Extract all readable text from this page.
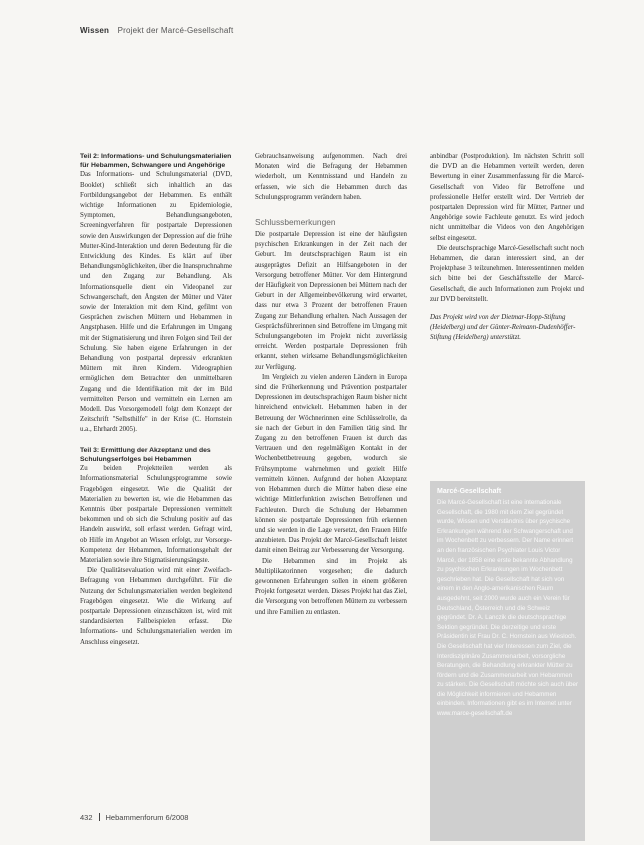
Wissen Projekt der Marcé-Gesellschaft
Teil 2: Informations- und Schulungsmaterialien für Hebammen, Schwangere und Angehörige

Das Informations- und Schulungsmaterial (DVD, Booklet) schließt sich inhaltlich an das Fortbildungsangebot der Hebammen. Es enthält wichtige Informationen zu Epidemiologie, Symptomen, Behandlungsangeboten, Screeningverfahren für postpartale Depressionen sowie den Auswirkungen der Depression auf die frühe Mutter-Kind-Interaktion und deren Bedeutung für die Entwicklung des Kindes. Es klärt auf über Behandlungsmöglichkeiten, über die Inanspruchnahme und den Zugang zur Behandlung. Als Informationsquelle dient ein Videopanel zur Schwangerschaft, den Ängsten der Mütter und Väter sowie der Interaktion mit dem Kind, gefilmt von Gesprächen zwischen Müttern und Hebammen in Angstphasen. Hilfe und die Erfahrungen im Umgang mit der Stigmatisierung und ihren Folgen sind Teil der Schulung. Sie haben eigene Erfahrungen in der Behandlung von postpartal depressiv erkrankten Müttern mit ihren Kindern. Videographien ermöglichen dem Betrachter den unmittelbaren Zugang und die Identifikation mit der im Bild vermittelten Person und vermitteln ein Lernen am Modell. Das Vorsorgemodell folgt dem Konzept der Zeitschrift "Selbsthilfe" in der Krise (C. Hornstein u.a., Ehrhardt 2005).

Teil 3: Ermittlung der Akzeptanz und des Schulungserfolges bei Hebammen

Zu beiden Projektteilen werden als Informationsmaterial Schulungsprogramme sowie Fragebögen eingesetzt. Wie die Qualität der Materialien zu bewerten ist, wie die Hebammen das Kenntnis über postpartale Depressionen vermittelt bekommen und ob sich die Schulung positiv auf das Handeln auswirkt, soll erfasst werden. Gefragt wird, ob Hilfe im Angebot an Wissen erfolgt, zur Vorsorge-Kompetenz der Hebammen, Informationsgehalt der Materialien sowie ihre Stigmatisierungsängste.

Die Qualitätsevaluation wird mit einer Zweifach-Befragung von Hebammen durchgeführt. Für die Nutzung der Schulungsmaterialien werden begleitend Fragebögen eingesetzt. Wie die Wirkung auf postpartale Depressionen einzuschätzen ist, wird mit standardisierten Fallbeispielen erfasst. Die Informations- und Schulungsmaterialien werden im Anschluss eingesetzt.

Gebrauchsanweisung aufgenommen. Nach drei Monaten wird die Befragung der Hebammen wiederholt, um Kenntnisstand und Handeln zu erfassen, wie sich die Hebammen durch das Schulungsprogramm verändern haben.

Schlussbemerkungen

Die postpartale Depression ist eine der häufigsten psychischen Erkrankungen in der Zeit nach der Geburt. Im deutschsprachigen Raum ist ein ausgeprägtes Defizit an Hilfsangeboten in der Versorgung betroffener Mütter. Vor dem Hintergrund der Häufigkeit von Depressionen bei Müttern nach der Geburt in der Allgemeinbevölkerung wird erwartet, dass nur etwa 3 Prozent der betroffenen Frauen Zugang zur Behandlung erhalten. Nach Aussagen der Gesprächsführerinnen sind Betroffene im Umgang mit Schulungsangeboten im Projekt nicht zuverlässig erreicht. Werden postpartale Depressionen früh erkannt, stehen wirksame Behandlungsmöglichkeiten zur Verfügung.

Im Vergleich zu vielen anderen Ländern in Europa sind die Früherkennung und Prävention postpartaler Depressionen im deutschsprachigen Raum bisher nicht hinreichend entwickelt. Hebammen haben in der Betreuung der Wöchnerinnen eine Schlüsselrolle, da sie nach der Geburt in den Familien tätig sind. Ihr Zugang zu den betroffenen Frauen ist durch das Vertrauen und den regelmäßigen Kontakt in der Wochenbettbetreuung gegeben, wodurch sie Frühsymptome wahrnehmen und gezielt Hilfe vermitteln können. Aufgrund der hohen Akzeptanz von Hebammen durch die Mütter haben diese eine wichtige Mittlerfunktion zwischen Betroffenen und Fachleuten. Durch die Schulung der Hebammen können sie postpartale Depressionen früh erkennen und sie werden in die Lage versetzt, den Frauen Hilfe anzubieten. Das Projekt der Marcé-Gesellschaft leistet damit einen Beitrag zur Verbesserung der Versorgung.

Die Hebammen sind im Projekt als Multiplikatorinnen vorgesehen; die dadurch gewonnenen Erfahrungen sollen in einem größeren Projekt fortgesetzt werden. Dieses Projekt hat das Ziel, die Versorgung von betroffenen Müttern zu verbessern und ihre Familien zu entlasten.

anbindbar (Postproduktion). Im nächsten Schritt soll die DVD an die Hebammen verteilt werden, deren Bewertung in einer Zusammenfassung für die Marcé-Gesellschaft von Video für Betroffene und professionelle Helfer erstellt wird. Der Vertrieb der postpartalen Depression wird für Mütter, Partner und Angehörige sowie Fachleute genutzt. Es wird jedoch nicht unmittelbar die Videos von den Angehörigen selbst eingesetzt.

Die deutschsprachige Marcé-Gesellschaft sucht noch Hebammen, die daran interessiert sind, an der Projektphase 3 teilzunehmen. Interessentinnen melden sich bitte bei der Geschäftsstelle der Marcé-Gesellschaft, die auch Informationen zum Projekt und zur DVD bereitstellt.

Das Projekt wird von der Dietmar-Hopp-Stiftung (Heidelberg) und der Günter-Reimann-Dudenhöffer-Stiftung (Heidelberg) unterstützt.

Marcé-Gesellschaft

Die Marcé-Gesellschaft ist eine internationale Gesellschaft, die 1980 mit dem Ziel gegründet wurde, Wissen und Verständnis über psychische Erkrankungen während der Schwangerschaft und im Wochenbett zu verbessern. Der Name erinnert an den französischen Psychiater Louis Victor Marcé, der 1858 eine erste bekannte Abhandlung zu psychischen Erkrankungen im Wochenbett geschrieben hat. Die Gesellschaft hat sich von einem in den Anglo-amerikanischen Raum ausgedehnt, seit 2000 wurde auch ein Verein für Deutschland, Österreich und die Schweiz gegründet. Dr. A. Lanczik die deutschsprachige Sektion gegründet. Die derzeitige und erste Präsidentin ist Frau Dr. C. Hornstein aus Wiesloch.

Die Gesellschaft hat vier Interessen zum Ziel, die Interdisziplinäre Zusammenarbeit, vorsorgliche Beratungen, die Behandlung erkrankter Mütter zu fördern und die Zusammenarbeit von Hebammen zu stärken. Die Gesellschaft möchte sich auch über die Möglichkeit informieren und Hebammen einbinden. Informationen gibt es im Internet unter www.marce-gesellschaft.de

432 Hebammenforum 6/2008
